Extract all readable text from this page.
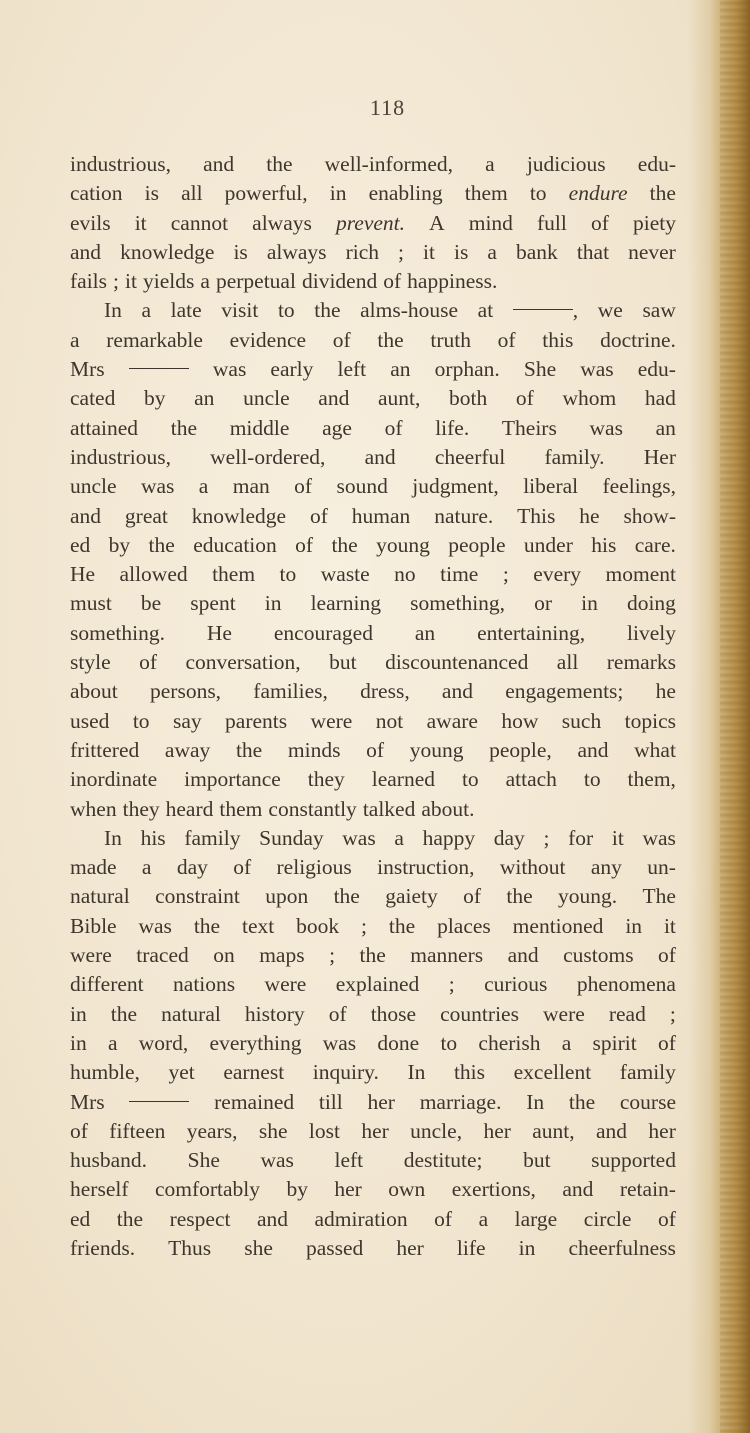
118
industrious, and the well-informed, a judicious edu-
cation is all powerful, in enabling them to endure the
evils it cannot always prevent. A mind full of piety
and knowledge is always rich ; it is a bank that never
fails ; it yields a perpetual dividend of happiness.
In a late visit to the alms-house at	, we saw
a remarkable evidence of the truth of this doctrine.
Mrs	was early left an orphan. She was edu-
cated by an uncle and aunt, both of whom had
attained the middle age of life. Theirs was an
industrious, well-ordered, and cheerful family. Her
uncle was a man of sound judgment, liberal feelings,
and great knowledge of human nature. This he show-
ed by the education of the young people under his care.
He allowed them to waste no time ; every moment
must be spent in learning something, or in doing
something. He encouraged an entertaining, lively
style of conversation, but discountenanced all remarks
about persons, families, dress, and engagements; he
used to say parents were not aware how such topics
frittered away the minds of young people, and what
inordinate importance they learned to attach to them,
when they heard them constantly talked about.
In his family Sunday was a happy day ; for it was
made a day of religious instruction, without any un-
natural constraint upon the gaiety of the young. The
Bible was the text book ; the places mentioned in it
were traced on maps ; the manners and customs of
different nations were explained ; curious phenomena
in the natural history of those countries were read ;
in a word, everything was done to cherish a spirit of
humble, yet earnest inquiry. In this excellent family
Mrs	remained till her marriage. In the course
of fifteen years, she lost her uncle, her aunt, and her
husband. She was left destitute; but supported
herself comfortably by her own exertions, and retain-
ed the respect and admiration of a large circle of
friends. Thus she passed her life in cheerfulness
